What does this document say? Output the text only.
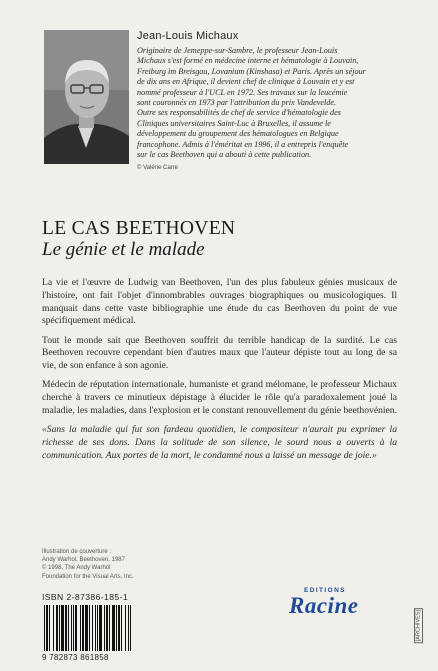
Jean-Louis Michaux

Originaire de Jemeppe-sur-Sambre, le professeur Jean-Louis

Michaux s'est formé en médecine interne et hématologie à Louvain,

Freiburg im Breisgau, Lovanium (Kinshasa) et Paris. Après un séjour

de dix ans en Afrique, il devient chef de clinique à Louvain et y est

nommé professeur à l'UCL en 1972. Ses travaux sur la leucémie

sont couronnés en 1973 par l'attribution du prix Vandevelde.

Outre ses responsabilités de chef de service d'hématologie des

Cliniques universitaires Saint-Luc à Bruxelles, il assume le

développement du groupement des hématologues en Belgique

francophone. Admis à l'éméritat en 1996, il a entrepris l'enquête

sur le cas Beethoven qui a abouti à cette publication.

© Valérie Carre
LE CAS BEETHOVEN
Le génie et le malade

La vie et l'œuvre de Ludwig van Beethoven, l'un des plus fabuleux génies musicaux de l'histoire, ont fait l'objet d'innombrables ouvrages biographiques ou musicologiques. Il manquait dans cette vaste bibliographie une étude du cas Beethoven du point de vue spécifiquement médical.

Tout le monde sait que Beethoven souffrit du terrible handicap de la surdité. Le cas Beethoven recouvre cependant bien d'autres maux que l'auteur dépiste tout au long de sa vie, de son enfance à son agonie.

Médecin de réputation internationale, humaniste et grand mélomane, le professeur Michaux cherche à travers ce minutieux dépistage à élucider le rôle qu'a paradoxalement joué la maladie, les maladies, dans l'explosion et le constant renouvellement du génie beethovénien.

«Sans la maladie qui fut son fardeau quotidien, le compositeur n'aurait pu exprimer la richesse de ses dons. Dans la solitude de son silence, le sourd nous a ouverts à la communication. Aux portes de la mort, le condamné nous a laissé un message de joie.»

Illustration de couverture :
Andy Warhol, Beethoven, 1987
© 1998, The Andy Warhol
Foundation for the Visual Arts, Inc.
ISBN 2-87386-185-1
9 782873 861858
EDITIONS
Racine
[ARCHIVES]
